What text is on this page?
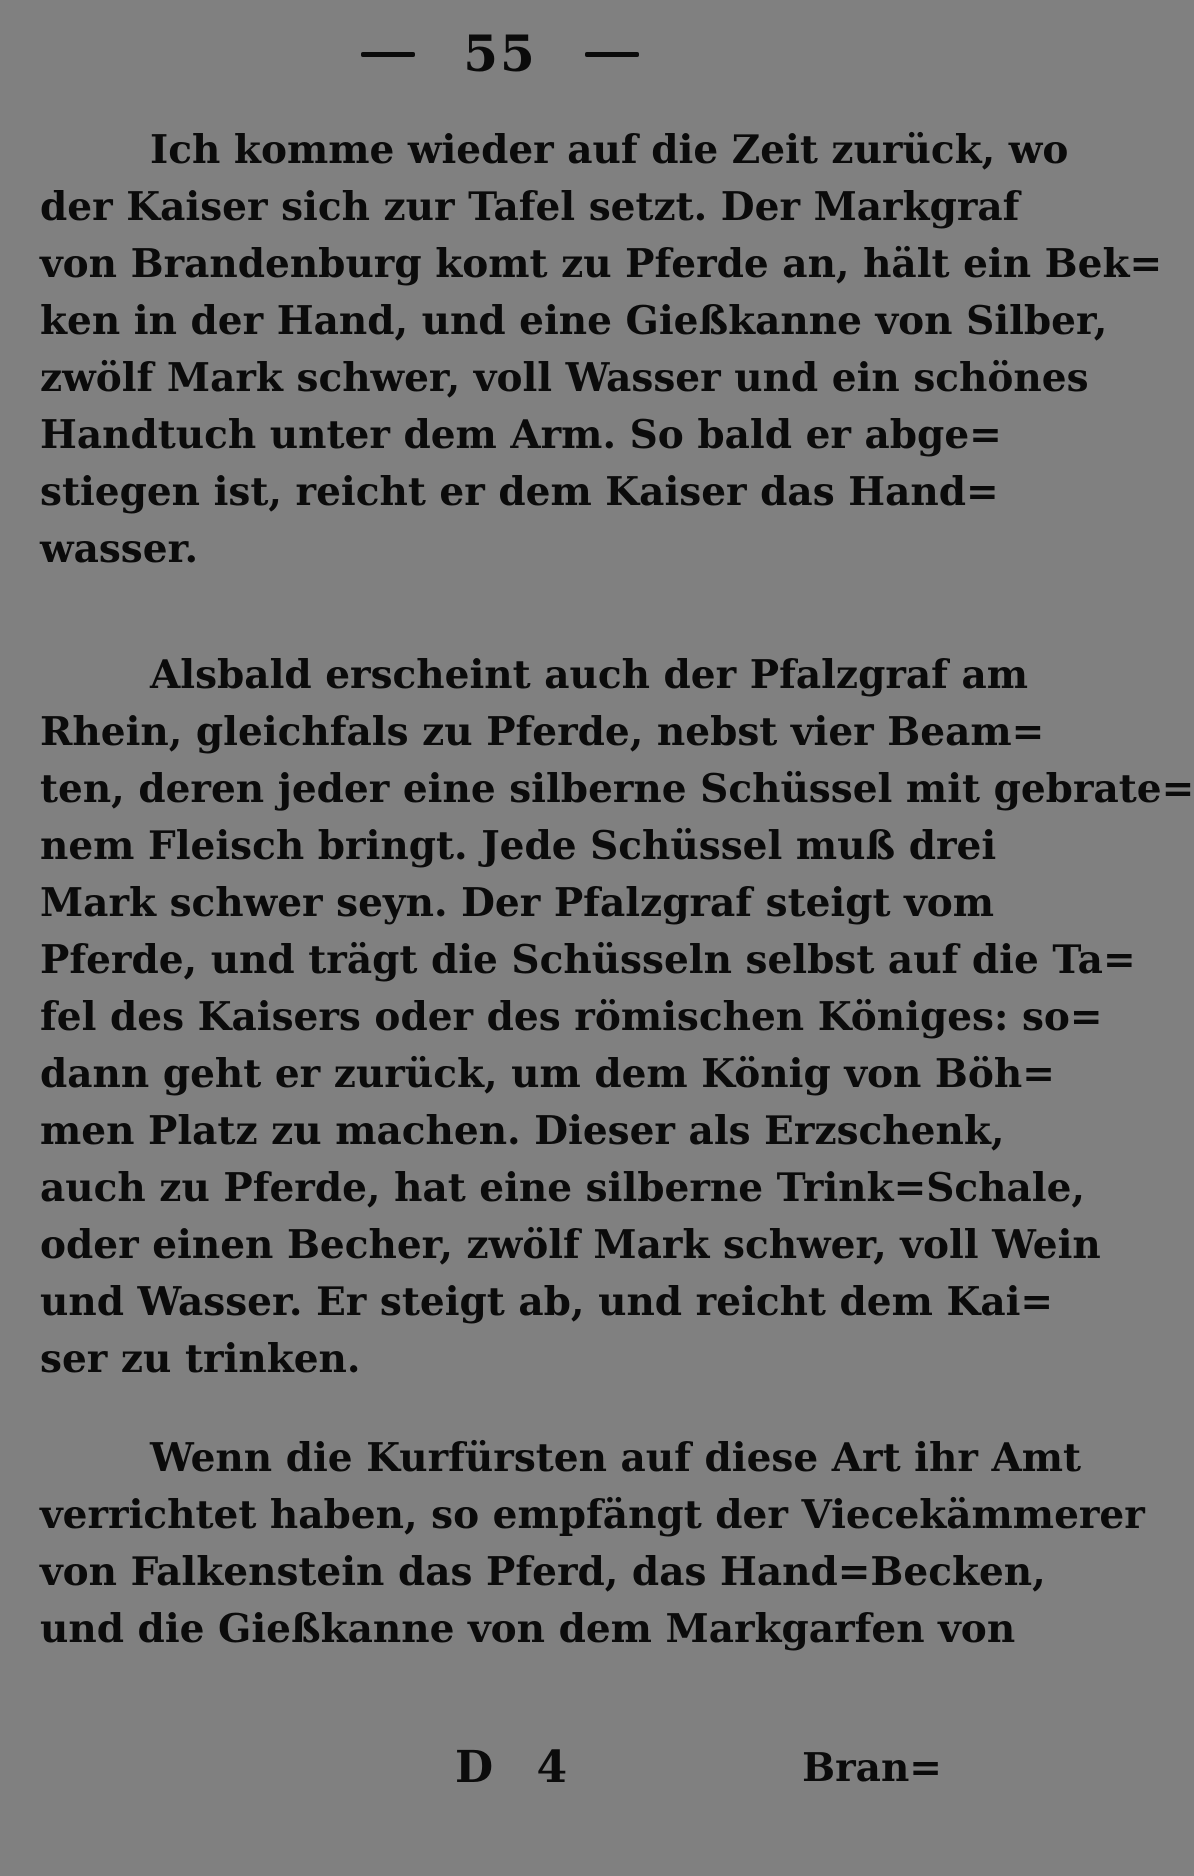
55

Ich komme wieder auf die Zeit zurück, wo
der Kaiser sich zur Tafel setzt. Der Markgraf
von Brandenburg komt zu Pferde an, hält ein Bek=
ken in der Hand, und eine Gießkanne von Silber,
zwölf Mark schwer, voll Wasser und ein schönes
Handtuch unter dem Arm. So bald er abge=
stiegen ist, reicht er dem Kaiser das Hand=
wasser.

Alsbald erscheint auch der Pfalzgraf am
Rhein, gleichfals zu Pferde, nebst vier Beam=
ten, deren jeder eine silberne Schüssel mit gebrate=
nem Fleisch bringt. Jede Schüssel muß drei
Mark schwer seyn. Der Pfalzgraf steigt vom
Pferde, und trägt die Schüsseln selbst auf die Ta=
fel des Kaisers oder des römischen Königes: so=
dann geht er zurück, um dem König von Böh=
men Platz zu machen. Dieser als Erzschenk,
auch zu Pferde, hat eine silberne Trink=Schale,
oder einen Becher, zwölf Mark schwer, voll Wein
und Wasser. Er steigt ab, und reicht dem Kai=
ser zu trinken.

Wenn die Kurfürsten auf diese Art ihr Amt
verrichtet haben, so empfängt der Viecekämmerer
von Falkenstein das Pferd, das Hand=Becken,
und die Gießkanne von dem Markgarfen von

D 4	Bran=
